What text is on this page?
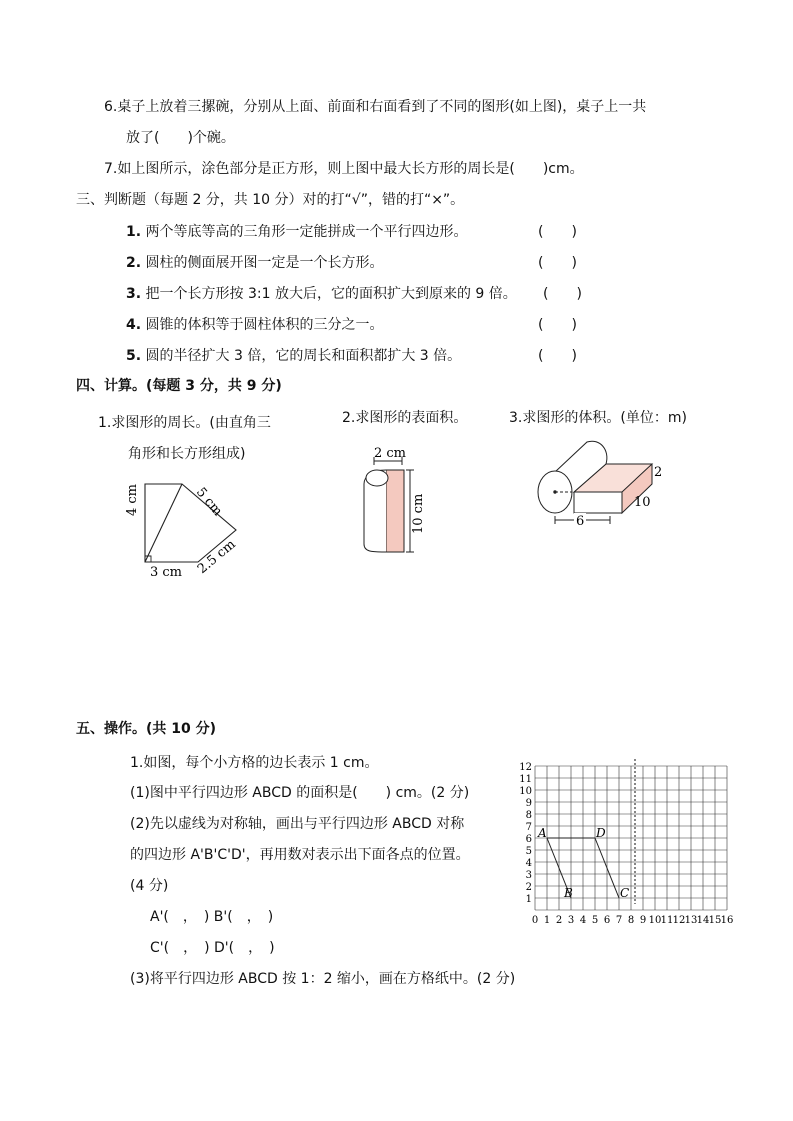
6.桌子上放着三摞碗，分别从上面、前面和右面看到了不同的图形(如上图)，桌子上一共
放了(　　)个碗。
7.如上图所示，涂色部分是正方形，则上图中最大长方形的周长是(　　)cm。
三、判断题（每题 2 分，共 10 分）对的打“√”，错的打“×”。
1. 两个等底等高的三角形一定能拼成一个平行四边形。	(　　)
2. 圆柱的侧面展开图一定是一个长方形。	(　　)
3. 把一个长方形按 3:1 放大后，它的面积扩大到原来的 9 倍。 (　　)
4. 圆锥的体积等于圆柱体积的三分之一。	(　　)
5. 圆的半径扩大 3 倍，它的周长和面积都扩大 3 倍。	(　　)
四、计算。(每题 3 分，共 9 分)
1.求图形的周长。(由直角三
角形和长方形组成)
2.求图形的表面积。	3.求图形的体积。(单位：m)
4 cm
3 cm
5 cm
2.5 cm
2 cm
10 cm
2
10
6
五、操作。(共 10 分)
1.如图，每个小方格的边长表示 1 cm。
(1)图中平行四边形 ABCD 的面积是(　　) cm。(2 分)
(2)先以虚线为对称轴，画出与平行四边形 ABCD 对称
的四边形 A'B'C'D'，再用数对表示出下面各点的位置。
(4 分)
A'(　，　) B'(　，　)
C'(　，　) D'(　，　)
(3)将平行四边形 ABCD 按 1：2 缩小，画在方格纸中。(2 分)
0 1 2 3 4 5 6 7 8 9 10 11 12 13 14 15 16
1
2
3
4
5
6
7
8
9
10
11
12
A
B	C
D
